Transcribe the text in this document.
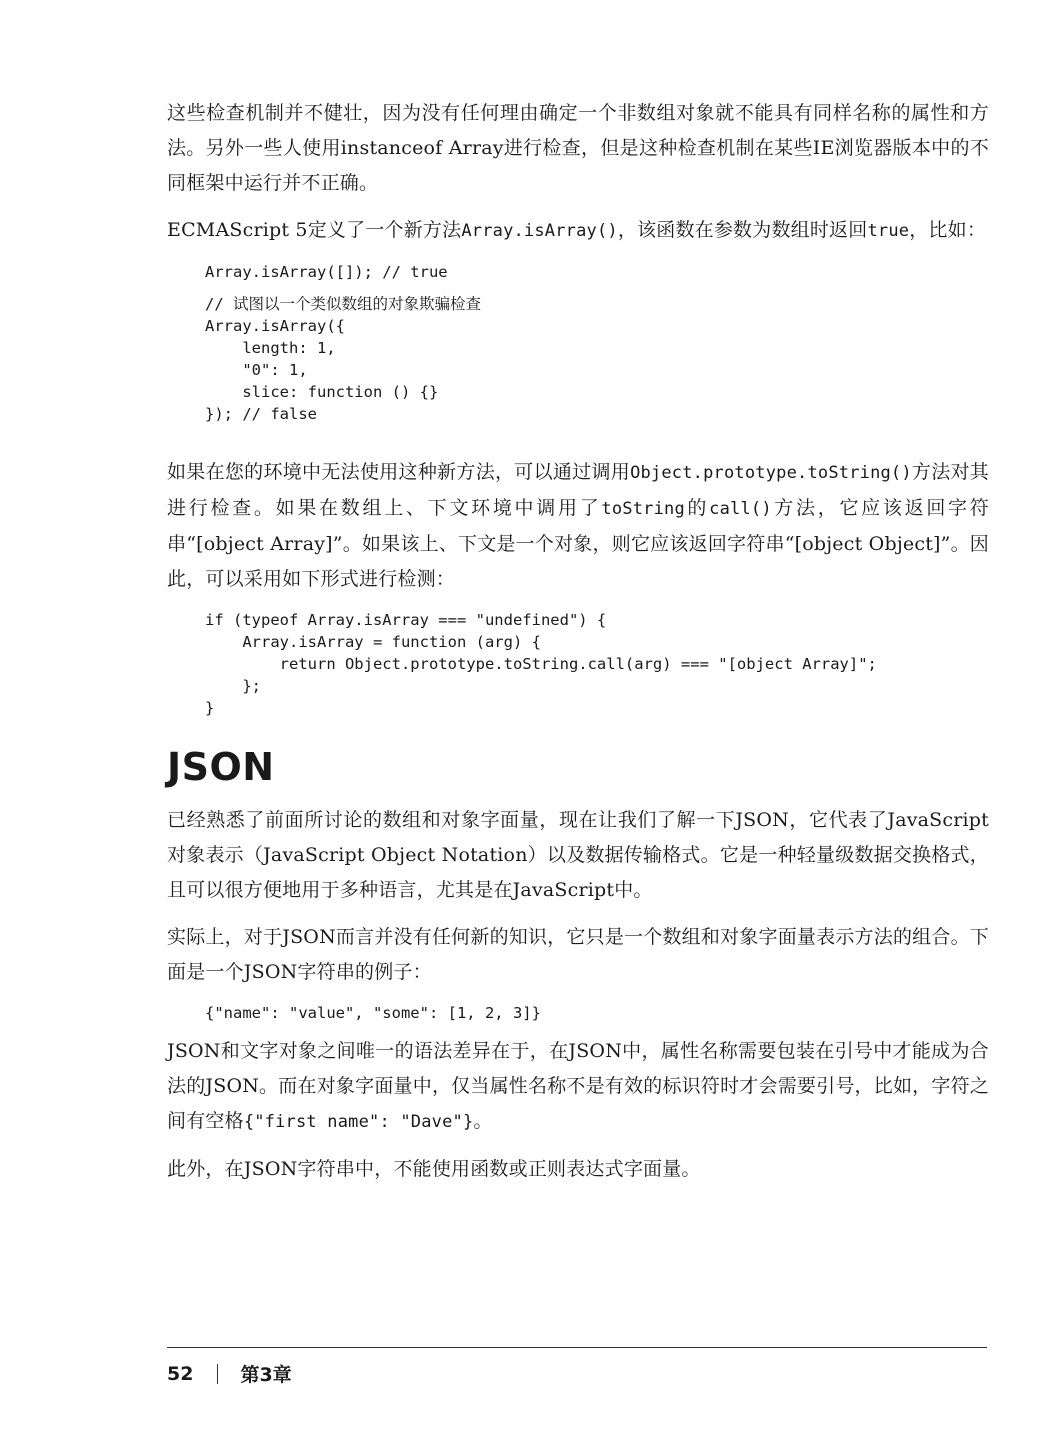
这些检查机制并不健壮，因为没有任何理由确定一个非数组对象就不能具有同样名称的属性和方法。另外一些人使用instanceof Array进行检查，但是这种检查机制在某些IE浏览器版本中的不同框架中运行并不正确。

ECMAScript 5定义了一个新方法Array.isArray()，该函数在参数为数组时返回true，比如：

Array.isArray([]); // true
// 试图以一个类似数组的对象欺骗检查
Array.isArray({
length: 1,
"0": 1,
slice: function () {}
}); // false

如果在您的环境中无法使用这种新方法，可以通过调用Object.prototype.toString()方法对其进行检查。如果在数组上、下文环境中调用了toString的call()方法，它应该返回字符串“[object Array]”。如果该上、下文是一个对象，则它应该返回字符串“[object Object]”。因此，可以采用如下形式进行检测：

if (typeof Array.isArray === "undefined") {
Array.isArray = function (arg) {
return Object.prototype.toString.call(arg) === "[object Array]";
};
}
JSON

已经熟悉了前面所讨论的数组和对象字面量，现在让我们了解一下JSON，它代表了JavaScript对象表示（JavaScript Object Notation）以及数据传输格式。它是一种轻量级数据交换格式，且可以很方便地用于多种语言，尤其是在JavaScript中。

实际上，对于JSON而言并没有任何新的知识，它只是一个数组和对象字面量表示方法的组合。下面是一个JSON字符串的例子：

{"name": "value", "some": [1, 2, 3]}

JSON和文字对象之间唯一的语法差异在于，在JSON中，属性名称需要包装在引号中才能成为合法的JSON。而在对象字面量中，仅当属性名称不是有效的标识符时才会需要引号，比如，字符之间有空格{"first name": "Dave"}。

此外，在JSON字符串中，不能使用函数或正则表达式字面量。

52 第3章
